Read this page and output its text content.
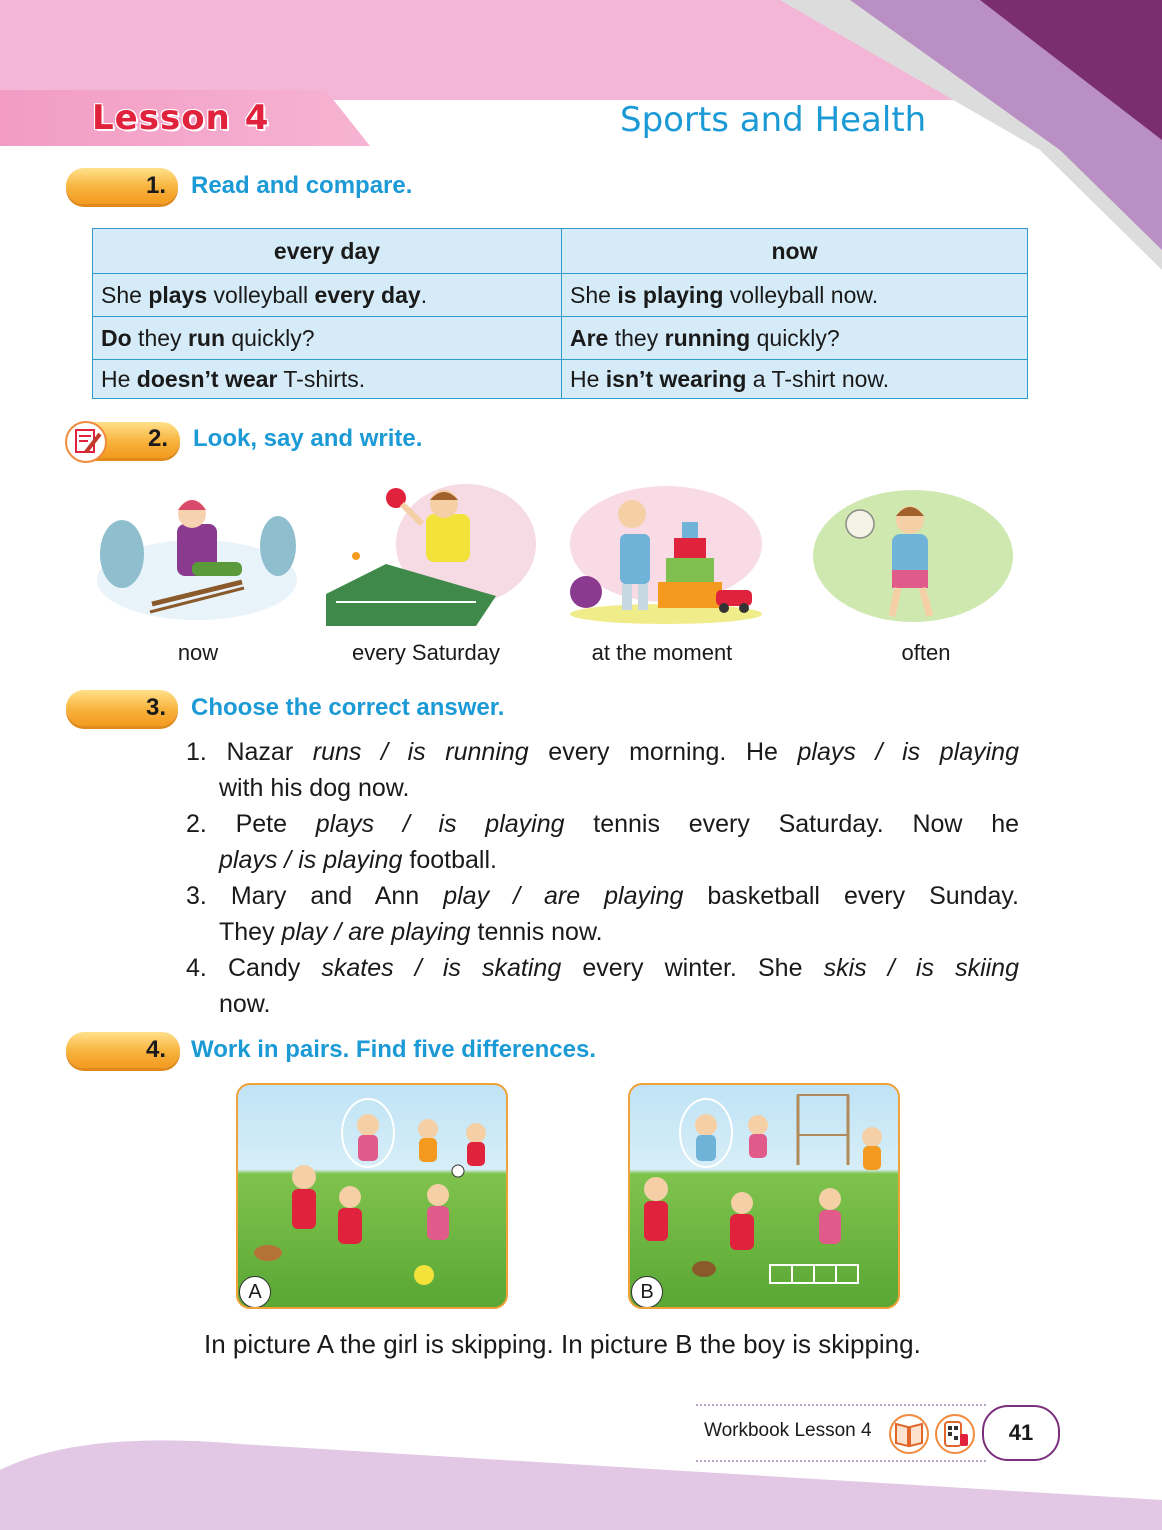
Lesson 4	Sports and Health
1. Read and compare.
every day	now
She plays volleyball every day.	She is playing volleyball now.
Do they run quickly?	Are they running quickly?
He doesn’t wear T-shirts.	He isn’t wearing a T-shirt now.
2. Look, say and write.
now	every Saturday	at the moment	often
3. Choose the correct answer.
1. Nazar runs / is running every morning. He plays / is playing
with his dog now.
2. Pete plays / is playing tennis every Saturday. Now he
plays / is playing football.
3. Mary and Ann play / are playing basketball every Sunday.
They play / are playing tennis now.
4. Candy skates / is skating every winter. She skis / is skiing
now.
4. Work in pairs. Find five differences.
A	B
In picture A the girl is skipping. In picture B the boy is skipping.
Workbook Lesson 4	41
